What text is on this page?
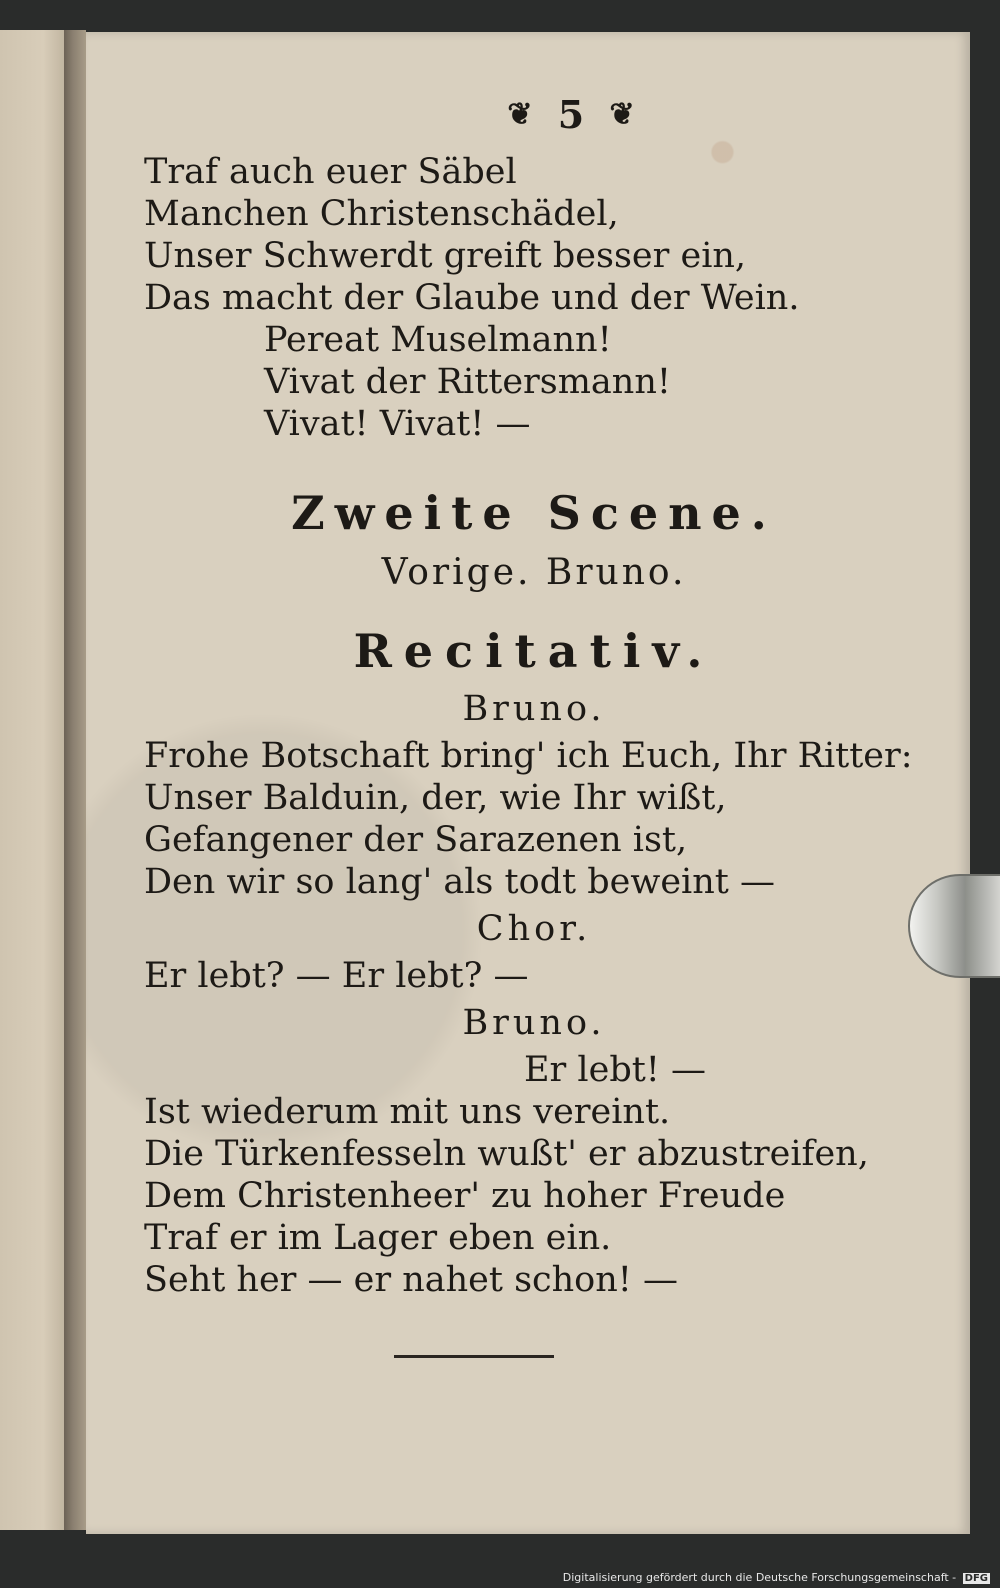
❦ 5 ❦
Traf auch euer Säbel
Manchen Christenschädel,
Unser Schwerdt greift besser ein,
Das macht der Glaube und der Wein.
Pereat Muselmann!
Vivat der Rittersmann!
Vivat! Vivat! —
Zweite Scene.
Vorige. Bruno.
Recitativ.
Bruno.
Frohe Botschaft bring' ich Euch, Ihr Ritter:
Unser Balduin, der, wie Ihr wißt,
Gefangener der Sarazenen ist,
Den wir so lang' als todt beweint —
Chor.
Er lebt? — Er lebt? —
Bruno.
Er lebt! —
Ist wiederum mit uns vereint.
Die Türkenfesseln wußt' er abzustreifen,
Dem Christenheer' zu hoher Freude
Traf er im Lager eben ein.
Seht her — er nahet schon! —
Digitalisierung gefördert durch die Deutsche Forschungsgemeinschaft - DFG
